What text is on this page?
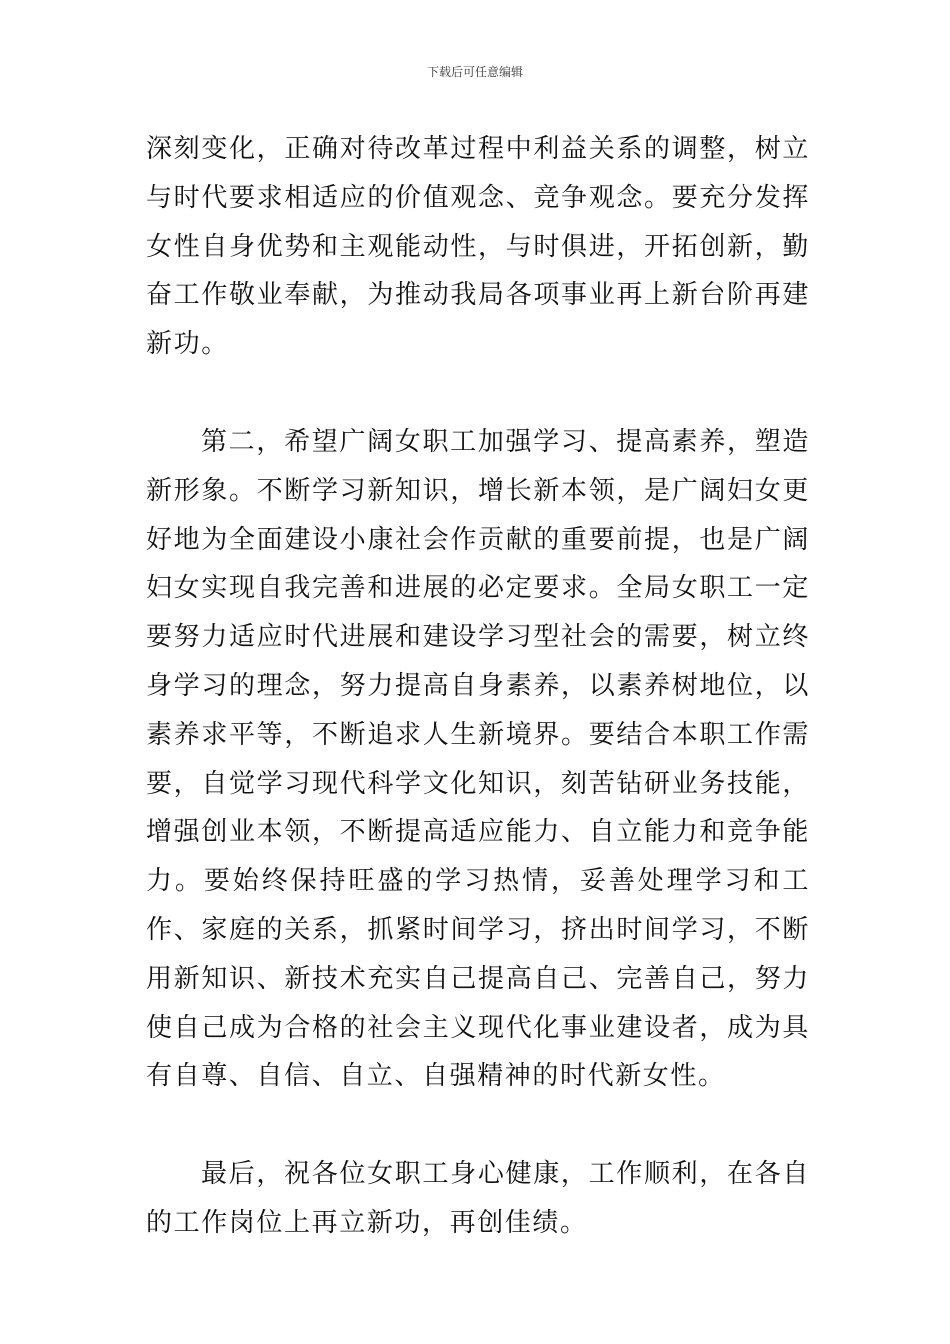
下载后可任意编辑

深刻变化，正确对待改革过程中利益关系的调整，树立与时代要求相适应的价值观念、竞争观念。要充分发挥女性自身优势和主观能动性，与时俱进，开拓创新，勤奋工作敬业奉献，为推动我局各项事业再上新台阶再建新功。

第二，希望广阔女职工加强学习、提高素养，塑造新形象。不断学习新知识，增长新本领，是广阔妇女更好地为全面建设小康社会作贡献的重要前提，也是广阔妇女实现自我完善和进展的必定要求。全局女职工一定要努力适应时代进展和建设学习型社会的需要，树立终身学习的理念，努力提高自身素养，以素养树地位，以素养求平等，不断追求人生新境界。要结合本职工作需要，自觉学习现代科学文化知识，刻苦钻研业务技能，增强创业本领，不断提高适应能力、自立能力和竞争能力。要始终保持旺盛的学习热情，妥善处理学习和工作、家庭的关系，抓紧时间学习，挤出时间学习，不断用新知识、新技术充实自己提高自己、完善自己，努力使自己成为合格的社会主义现代化事业建设者，成为具有自尊、自信、自立、自强精神的时代新女性。

最后，祝各位女职工身心健康，工作顺利，在各自的工作岗位上再立新功，再创佳绩。
